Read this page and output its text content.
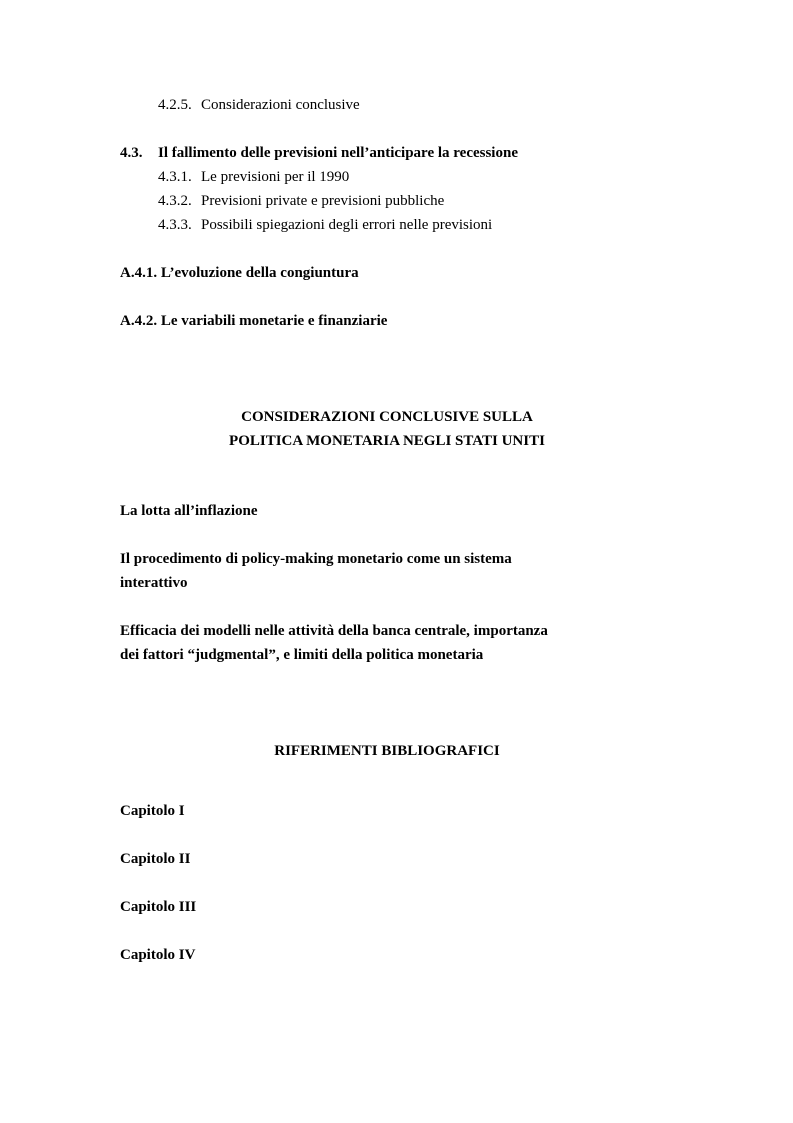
4.2.5. Considerazioni conclusive
4.3. Il fallimento delle previsioni nell’anticipare la recessione
4.3.1. Le previsioni per il 1990
4.3.2. Previsioni private e previsioni pubbliche
4.3.3. Possibili spiegazioni degli errori nelle previsioni
A.4.1. L’evoluzione della congiuntura
A.4.2. Le variabili monetarie e finanziarie
CONSIDERAZIONI CONCLUSIVE SULLA
POLITICA MONETARIA NEGLI STATI UNITI
La lotta all’inflazione
Il procedimento di policy-making monetario come un sistema
interattivo
Efficacia dei modelli nelle attività della banca centrale, importanza
dei fattori “judgmental”, e limiti della politica monetaria
RIFERIMENTI BIBLIOGRAFICI
Capitolo I
Capitolo II
Capitolo III
Capitolo IV
